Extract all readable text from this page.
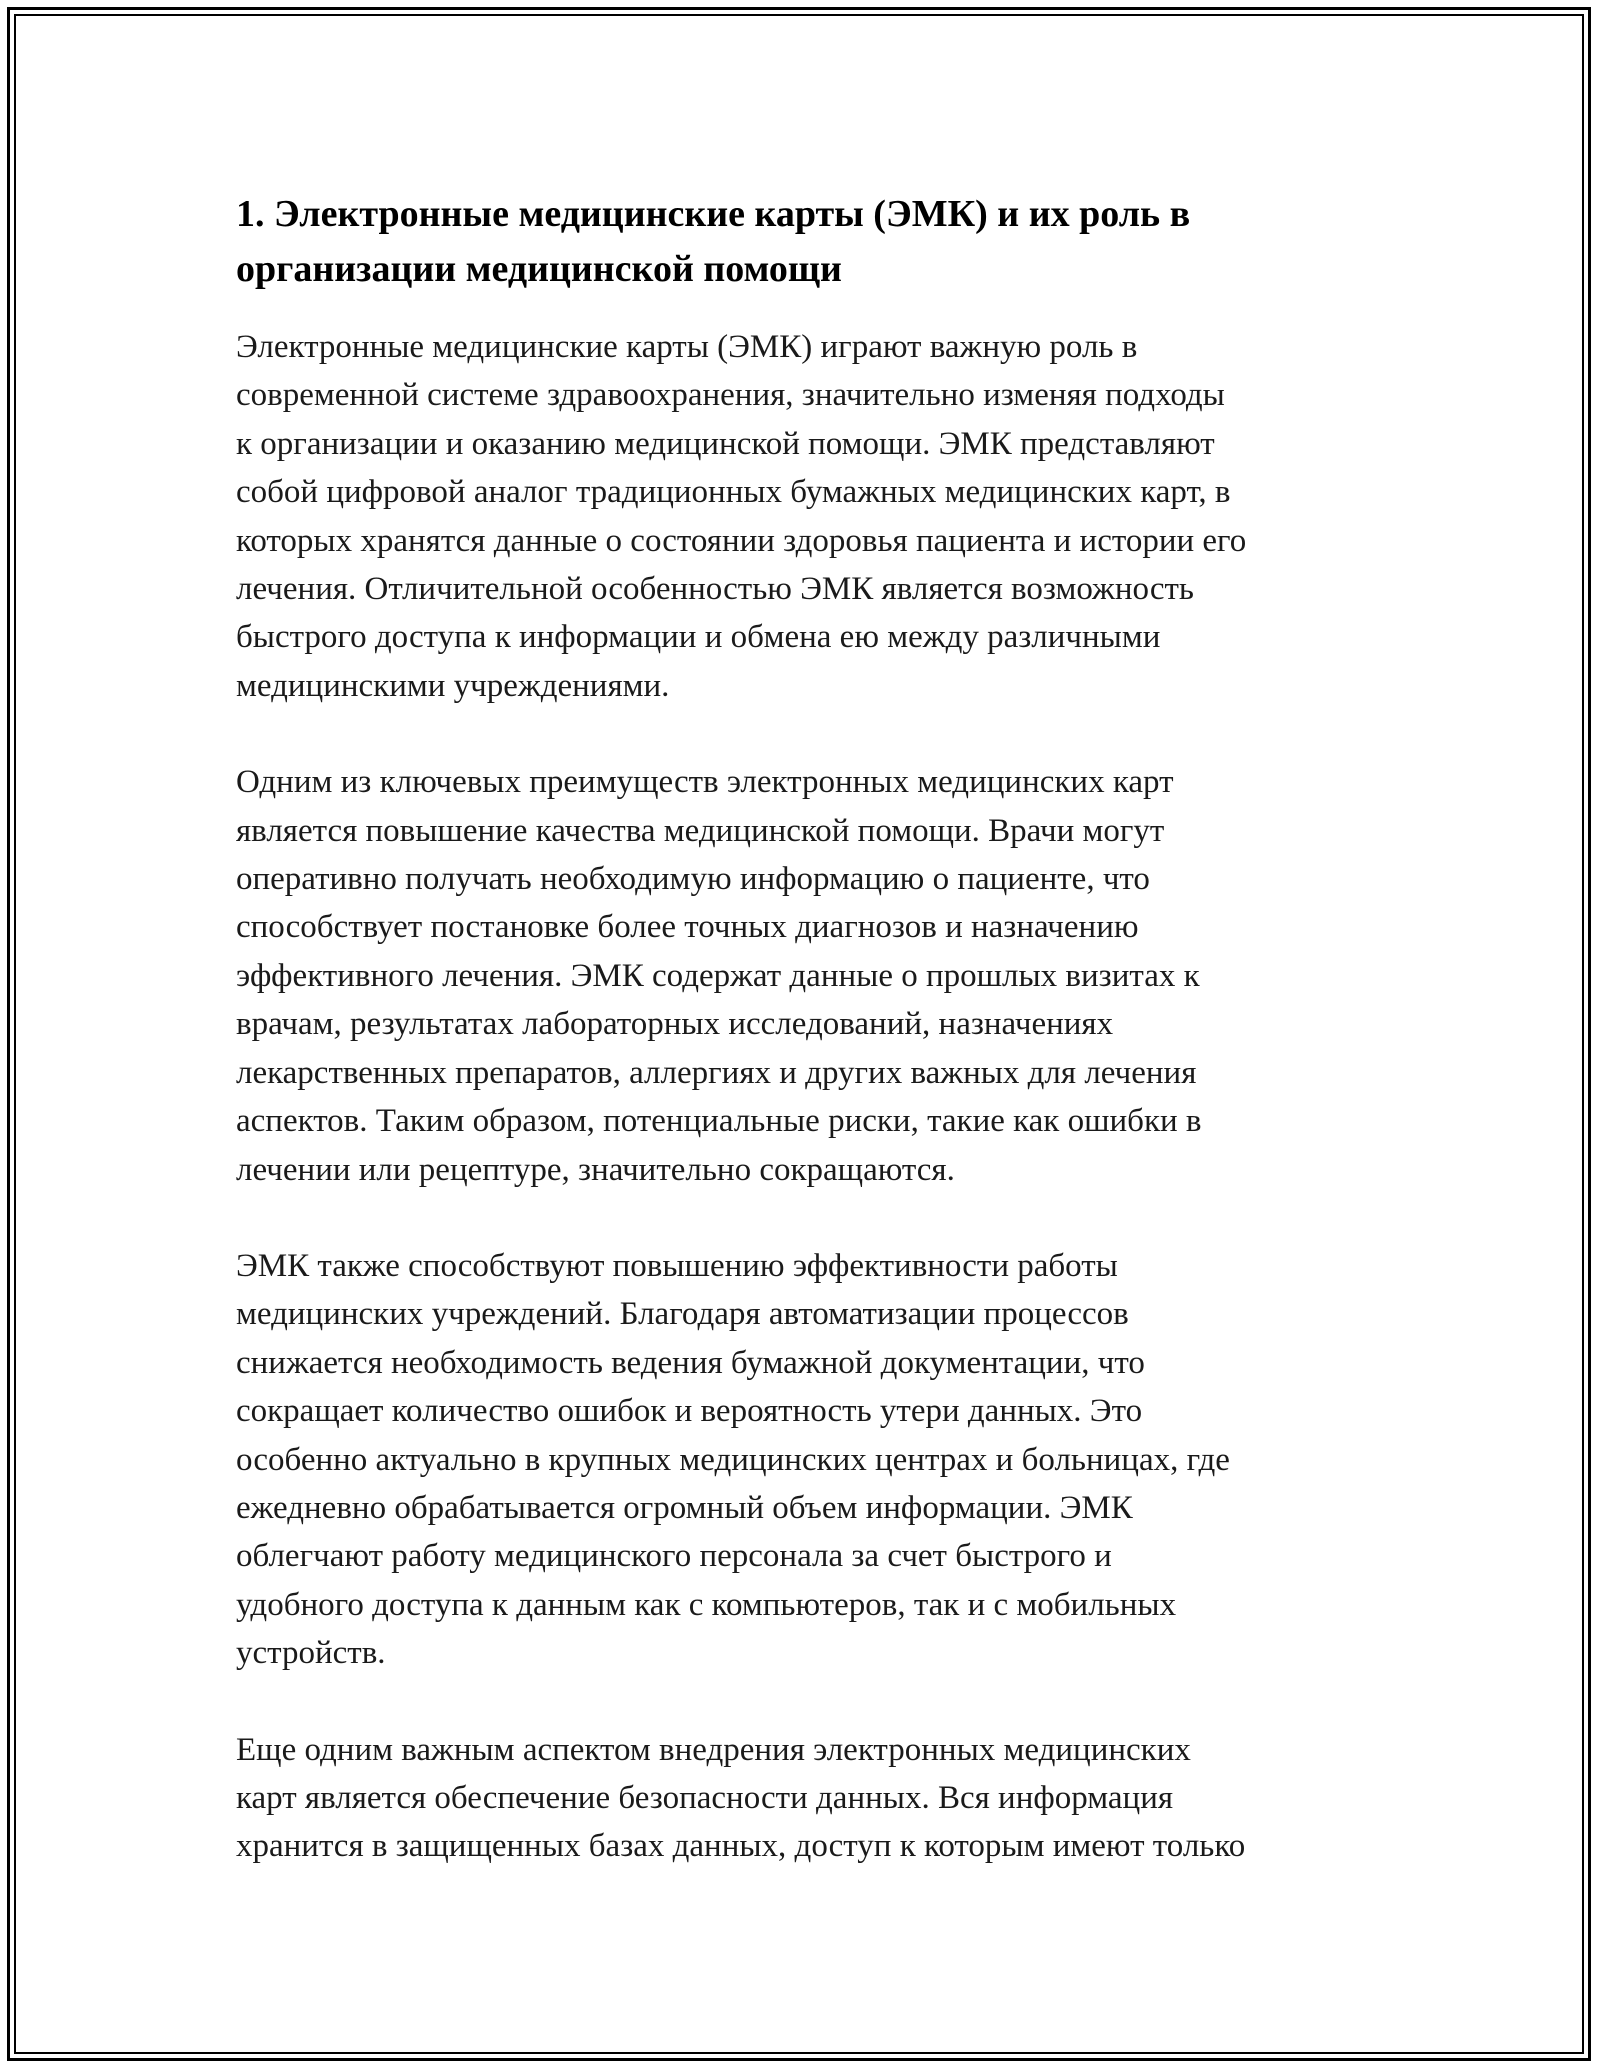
1. Электронные медицинские карты (ЭМК) и их роль в
организации медицинской помощи

Электронные медицинские карты (ЭМК) играют важную роль в
современной системе здравоохранения, значительно изменяя подходы
к организации и оказанию медицинской помощи. ЭМК представляют
собой цифровой аналог традиционных бумажных медицинских карт, в
которых хранятся данные о состоянии здоровья пациента и истории его
лечения. Отличительной особенностью ЭМК является возможность
быстрого доступа к информации и обмена ею между различными
медицинскими учреждениями.

Одним из ключевых преимуществ электронных медицинских карт
является повышение качества медицинской помощи. Врачи могут
оперативно получать необходимую информацию о пациенте, что
способствует постановке более точных диагнозов и назначению
эффективного лечения. ЭМК содержат данные о прошлых визитах к
врачам, результатах лабораторных исследований, назначениях
лекарственных препаратов, аллергиях и других важных для лечения
аспектов. Таким образом, потенциальные риски, такие как ошибки в
лечении или рецептуре, значительно сокращаются.

ЭМК также способствуют повышению эффективности работы
медицинских учреждений. Благодаря автоматизации процессов
снижается необходимость ведения бумажной документации, что
сокращает количество ошибок и вероятность утери данных. Это
особенно актуально в крупных медицинских центрах и больницах, где
ежедневно обрабатывается огромный объем информации. ЭМК
облегчают работу медицинского персонала за счет быстрого и
удобного доступа к данным как с компьютеров, так и с мобильных
устройств.

Еще одним важным аспектом внедрения электронных медицинских
карт является обеспечение безопасности данных. Вся информация
хранится в защищенных базах данных, доступ к которым имеют только
